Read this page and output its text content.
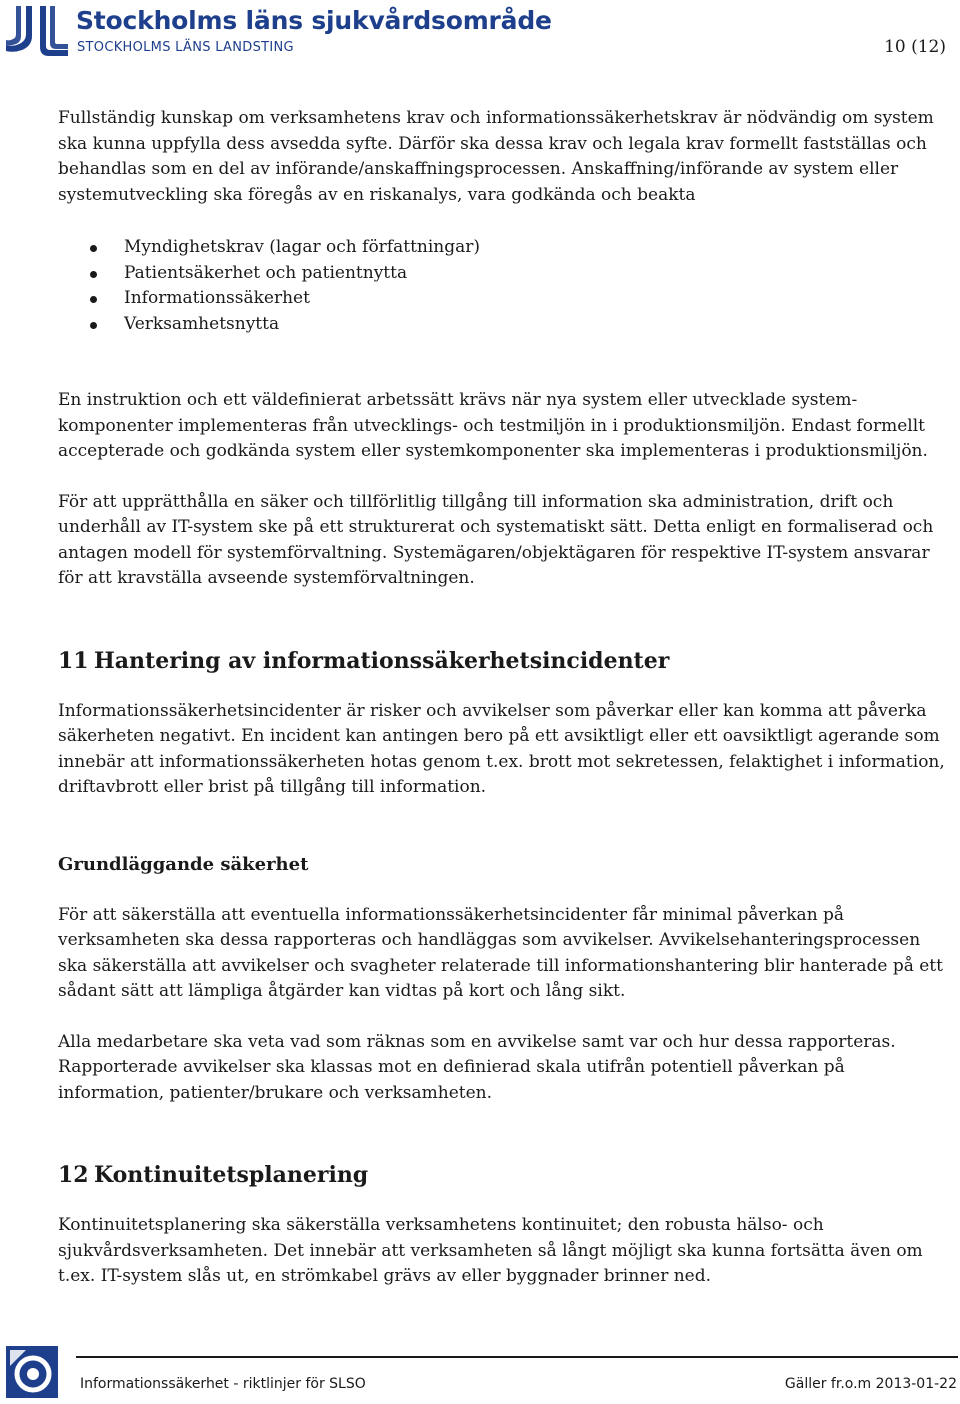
Stockholms läns sjukvårdsområde
STOCKHOLMS LÄNS LANDSTING	10 (12)

Fullständig kunskap om verksamhetens krav och informationssäkerhetskrav är nödvändig om system ska kunna uppfylla dess avsedda syfte. Därför ska dessa krav och legala krav formellt fastställas och behandlas som en del av införande/anskaffningsprocessen. Anskaffning/införande av system eller systemutveckling ska föregås av en riskanalys, vara godkända och beakta

Myndighetskrav (lagar och författningar)
Patientsäkerhet och patientnytta
Informationssäkerhet
Verksamhetsnytta

En instruktion och ett väldefinierat arbetssätt krävs när nya system eller utvecklade system-komponenter implementeras från utvecklings- och testmiljön in i produktionsmiljön. Endast formellt accepterade och godkända system eller systemkomponenter ska implementeras i produktionsmiljön.

För att upprätthålla en säker och tillförlitlig tillgång till information ska administration, drift och underhåll av IT-system ske på ett strukturerat och systematiskt sätt. Detta enligt en formaliserad och antagen modell för systemförvaltning. Systemägaren/objektägaren för respektive IT-system ansvarar för att kravställa avseende systemförvaltningen.

11 Hantering av informationssäkerhetsincidenter

Informationssäkerhetsincidenter är risker och avvikelser som påverkar eller kan komma att påverka säkerheten negativt. En incident kan antingen bero på ett avsiktligt eller ett oavsiktligt agerande som innebär att informationssäkerheten hotas genom t.ex. brott mot sekretessen, felaktighet i information, driftavbrott eller brist på tillgång till information.

Grundläggande säkerhet

För att säkerställa att eventuella informationssäkerhetsincidenter får minimal påverkan på verksamheten ska dessa rapporteras och handläggas som avvikelser. Avvikelsehanteringsprocessen ska säkerställa att avvikelser och svagheter relaterade till informationshantering blir hanterade på ett sådant sätt att lämpliga åtgärder kan vidtas på kort och lång sikt.

Alla medarbetare ska veta vad som räknas som en avvikelse samt var och hur dessa rapporteras. Rapporterade avvikelser ska klassas mot en definierad skala utifrån potentiell påverkan på information, patienter/brukare och verksamheten.

12 Kontinuitetsplanering

Kontinuitetsplanering ska säkerställa verksamhetens kontinuitet; den robusta hälso- och sjukvårdsverksamheten. Det innebär att verksamheten så långt möjligt ska kunna fortsätta även om t.ex. IT-system slås ut, en strömkabel grävs av eller byggnader brinner ned.

Informationssäkerhet - riktlinjer för SLSO	Gäller fr.o.m 2013-01-22
